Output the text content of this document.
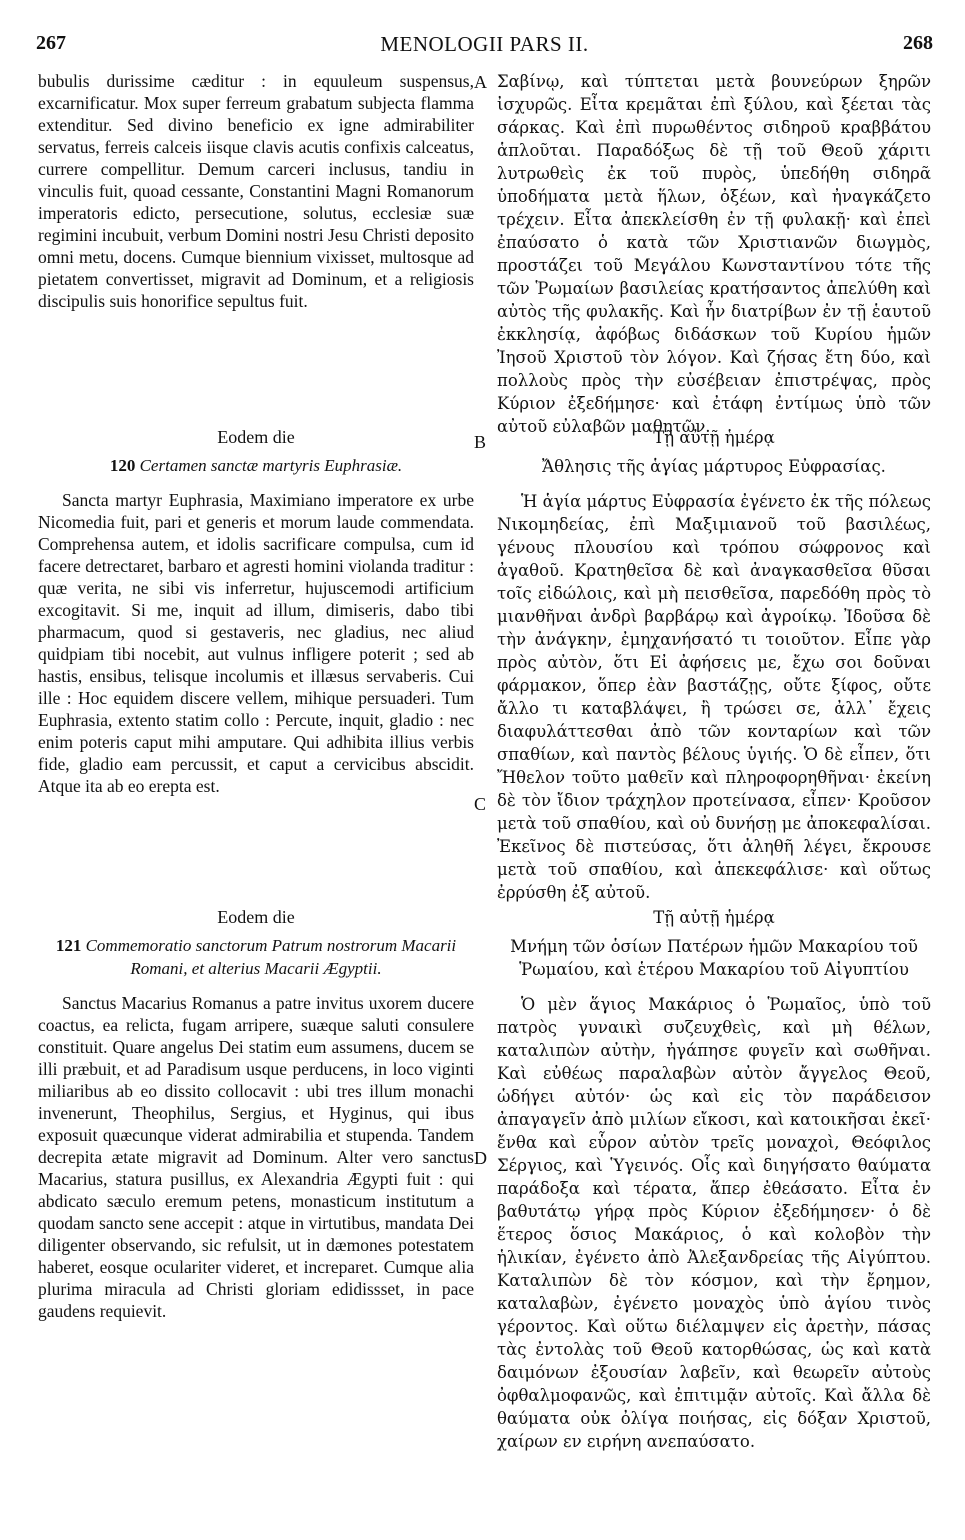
267	MENOLOGII PARS II.	268
A
B
C
D

bubulis durissime cæditur : in equuleum suspensus, excarnificatur. Mox super ferreum grabatum subjecta flamma extenditur. Sed divino beneficio ex igne admirabiliter servatus, ferreis calceis iisque clavis acutis confixis calceatus, currere compellitur. Demum carceri inclusus, tandiu in vinculis fuit, quoad cessante, Constantini Magni Romanorum imperatoris edicto, persecutione, solutus, ecclesiæ suæ regimini incubuit, verbum Domini nostri Jesu Christi deposito omni metu, docens. Cumque biennium vixisset, multosque ad pietatem convertisset, migravit ad Dominum, et a religiosis discipulis suis honorifice sepultus fuit.

Eodem die

120 Certamen sanctæ martyris Euphrasiæ.

Sancta martyr Euphrasia, Maximiano imperatore ex urbe Nicomedia fuit, pari et generis et morum laude commendata. Comprehensa autem, et idolis sacrificare compulsa, cum id facere detrectaret, barbaro et agresti homini violanda traditur : quæ verita, ne sibi vis inferretur, hujuscemodi artificium excogitavit. Si me, inquit ad illum, dimiseris, dabo tibi pharmacum, quod si gestaveris, nec gladius, nec aliud quidpiam tibi nocebit, aut vulnus infligere poterit ; sed ab hastis, ensibus, telisque incolumis et illæsus servaberis. Cui ille : Hoc equidem discere vellem, mihique persuaderi. Tum Euphrasia, extento statim collo : Percute, inquit, gladio : nec enim poteris caput mihi amputare. Qui adhibita illius verbis fide, gladio eam percussit, et caput a cervicibus abscidit. Atque ita ab eo erepta est.

Eodem die

121 Commemoratio sanctorum Patrum nostrorum Macarii Romani, et alterius Macarii Ægyptii.

Sanctus Macarius Romanus a patre invitus uxorem ducere coactus, ea relicta, fugam arripere, suæque saluti consulere constituit. Quare angelus Dei statim eum assumens, ducem se illi præbuit, et ad Paradisum usque perducens, in loco viginti miliaribus ab eo dissito collocavit : ubi tres illum monachi invenerunt, Theophilus, Sergius, et Hyginus, qui ibus exposuit quæcunque viderat admirabilia et stupenda. Tandem decrepita ætate migravit ad Dominum. Alter vero sanctus Macarius, statura pusillus, ex Alexandria Ægypti fuit : qui abdicato sæculo eremum petens, monasticum institutum a quodam sancto sene accepit : atque in virtutibus, mandata Dei diligenter observando, sic refulsit, ut in dæmones potestatem haberet, eosque oculariter videret, et increparet. Cumque alia plurima miracula ad Christi gloriam edidissset, in pace gaudens requievit.

Σαβίνῳ, καὶ τύπτεται μετὰ βουνεύρων ξηρῶν ἰσχυρῶς. Εἶτα κρεμᾶται ἐπὶ ξύλου, καὶ ξέεται τὰς σάρκας. Καὶ ἐπὶ πυρωθέντος σιδηροῦ κραββάτου ἁπλοῦται. Παραδόξως δὲ τῇ τοῦ Θεοῦ χάριτι λυτρωθεὶς ἐκ τοῦ πυρὸς, ὑπεδήθη σιδηρᾶ ὑποδήματα μετὰ ἥλων, ὀξέων, καὶ ἠναγκάζετο τρέχειν. Εἶτα ἀπεκλείσθη ἐν τῇ φυλακῇ· καὶ ἐπεὶ ἐπαύσατο ὁ κατὰ τῶν Χριστιανῶν διωγμὸς, προστάζει τοῦ Μεγάλου Κωνσταντίνου τότε τῆς τῶν Ῥωμαίων βασιλείας κρατήσαντος ἀπελύθη καὶ αὐτὸς τῆς φυλακῆς. Καὶ ἦν διατρίβων ἐν τῇ ἑαυτοῦ ἐκκλησίᾳ, ἀφόβως διδάσκων τοῦ Κυρίου ἡμῶν Ἰησοῦ Χριστοῦ τὸν λόγον. Καὶ ζήσας ἔτη δύο, καὶ πολλοὺς πρὸς τὴν εὐσέβειαν ἐπιστρέψας, πρὸς Κύριον ἐξεδήμησε· καὶ ἐτάφη ἐντίμως ὑπὸ τῶν αὐτοῦ εὐλαβῶν μαθητῶν.

Τῇ αὐτῇ ἡμέρᾳ

Ἄθλησις τῆς ἁγίας μάρτυρος Εὐφρασίας.

Ἡ ἁγία μάρτυς Εὐφρασία ἐγένετο ἐκ τῆς πόλεως Νικομηδείας, ἐπὶ Μαξιμιανοῦ τοῦ βασιλέως, γένους πλουσίου καὶ τρόπου σώφρονος καὶ ἀγαθοῦ. Κρατηθεῖσα δὲ καὶ ἀναγκασθεῖσα θῦσαι τοῖς εἰδώλοις, καὶ μὴ πεισθεῖσα, παρεδόθη πρὸς τὸ μιανθῆναι ἀνδρὶ βαρβάρῳ καὶ ἀγροίκῳ. Ἰδοῦσα δὲ τὴν ἀνάγκην, ἐμηχανήσατό τι τοιοῦτον. Εἶπε γὰρ πρὸς αὐτὸν, ὅτι Εἰ ἀφήσεις με, ἔχω σοι δοῦναι φάρμακον, ὅπερ ἐὰν βαστάζῃς, οὔτε ξίφος, οὔτε ἄλλο τι καταβλάψει, ἢ τρώσει σε, ἀλλ᾽ ἔχεις διαφυλάττεσθαι ἀπὸ τῶν κονταρίων καὶ τῶν σπαθίων, καὶ παντὸς βέλους ὑγιής. Ὁ δὲ εἶπεν, ὅτι Ἤθελον τοῦτο μαθεῖν καὶ πληροφορηθῆναι· ἐκείνη δὲ τὸν ἴδιον τράχηλον προτείνασα, εἶπεν· Κροῦσον μετὰ τοῦ σπαθίου, καὶ οὐ δυνήσῃ με ἀποκεφαλίσαι. Ἐκεῖνος δὲ πιστεύσας, ὅτι ἀληθῆ λέγει, ἔκρουσε μετὰ τοῦ σπαθίου, καὶ ἀπεκεφάλισε· καὶ οὕτως ἐρρύσθη ἐξ αὐτοῦ.

Τῇ αὐτῇ ἡμέρᾳ

Μνήμη τῶν ὁσίων Πατέρων ἡμῶν Μακαρίου τοῦ Ῥωμαίου, καὶ ἑτέρου Μακαρίου τοῦ Αἰγυπτίου

Ὁ μὲν ἅγιος Μακάριος ὁ Ῥωμαῖος, ὑπὸ τοῦ πατρὸς γυναικὶ συζευχθεὶς, καὶ μὴ θέλων, καταλιπὼν αὐτὴν, ἠγάπησε φυγεῖν καὶ σωθῆναι. Καὶ εὐθέως παραλαβὼν αὐτὸν ἄγγελος Θεοῦ, ὡδήγει αὐτόν· ὡς καὶ εἰς τὸν παράδεισον ἀπαγαγεῖν ἀπὸ μιλίων εἴκοσι, καὶ κατοικῆσαι ἐκεῖ· ἔνθα καὶ εὗρον αὐτὸν τρεῖς μοναχοὶ, Θεόφιλος Σέργιος, καὶ Ὑγεινός. Οἷς καὶ διηγήσατο θαύματα παράδοξα καὶ τέρατα, ἅπερ ἐθεάσατο. Εἶτα ἐν βαθυτάτῳ γήρᾳ πρὸς Κύριον ἐξεδήμησεν· ὁ δὲ ἕτερος ὅσιος Μακάριος, ὁ καὶ κολοβὸν τὴν ἡλικίαν, ἐγένετο ἀπὸ Ἀλεξανδρείας τῆς Αἰγύπτου. Καταλιπὼν δὲ τὸν κόσμον, καὶ τὴν ἔρημον, καταλαβὼν, ἐγένετο μοναχὸς ὑπὸ ἁγίου τινὸς γέροντος. Καὶ οὕτω διέλαμψεν εἰς ἀρετὴν, πάσας τὰς ἐντολὰς τοῦ Θεοῦ κατορθώσας, ὡς καὶ κατὰ δαιμόνων ἐξουσίαν λαβεῖν, καὶ θεωρεῖν αὐτοὺς ὀφθαλμοφανῶς, καὶ ἐπιτιμᾷν αὐτοῖς. Καὶ ἄλλα δὲ θαύματα οὐκ ὀλίγα ποιήσας, εἰς δόξαν Χριστοῦ, χαίρων εν ειρήνη ανεπαύσατο.
